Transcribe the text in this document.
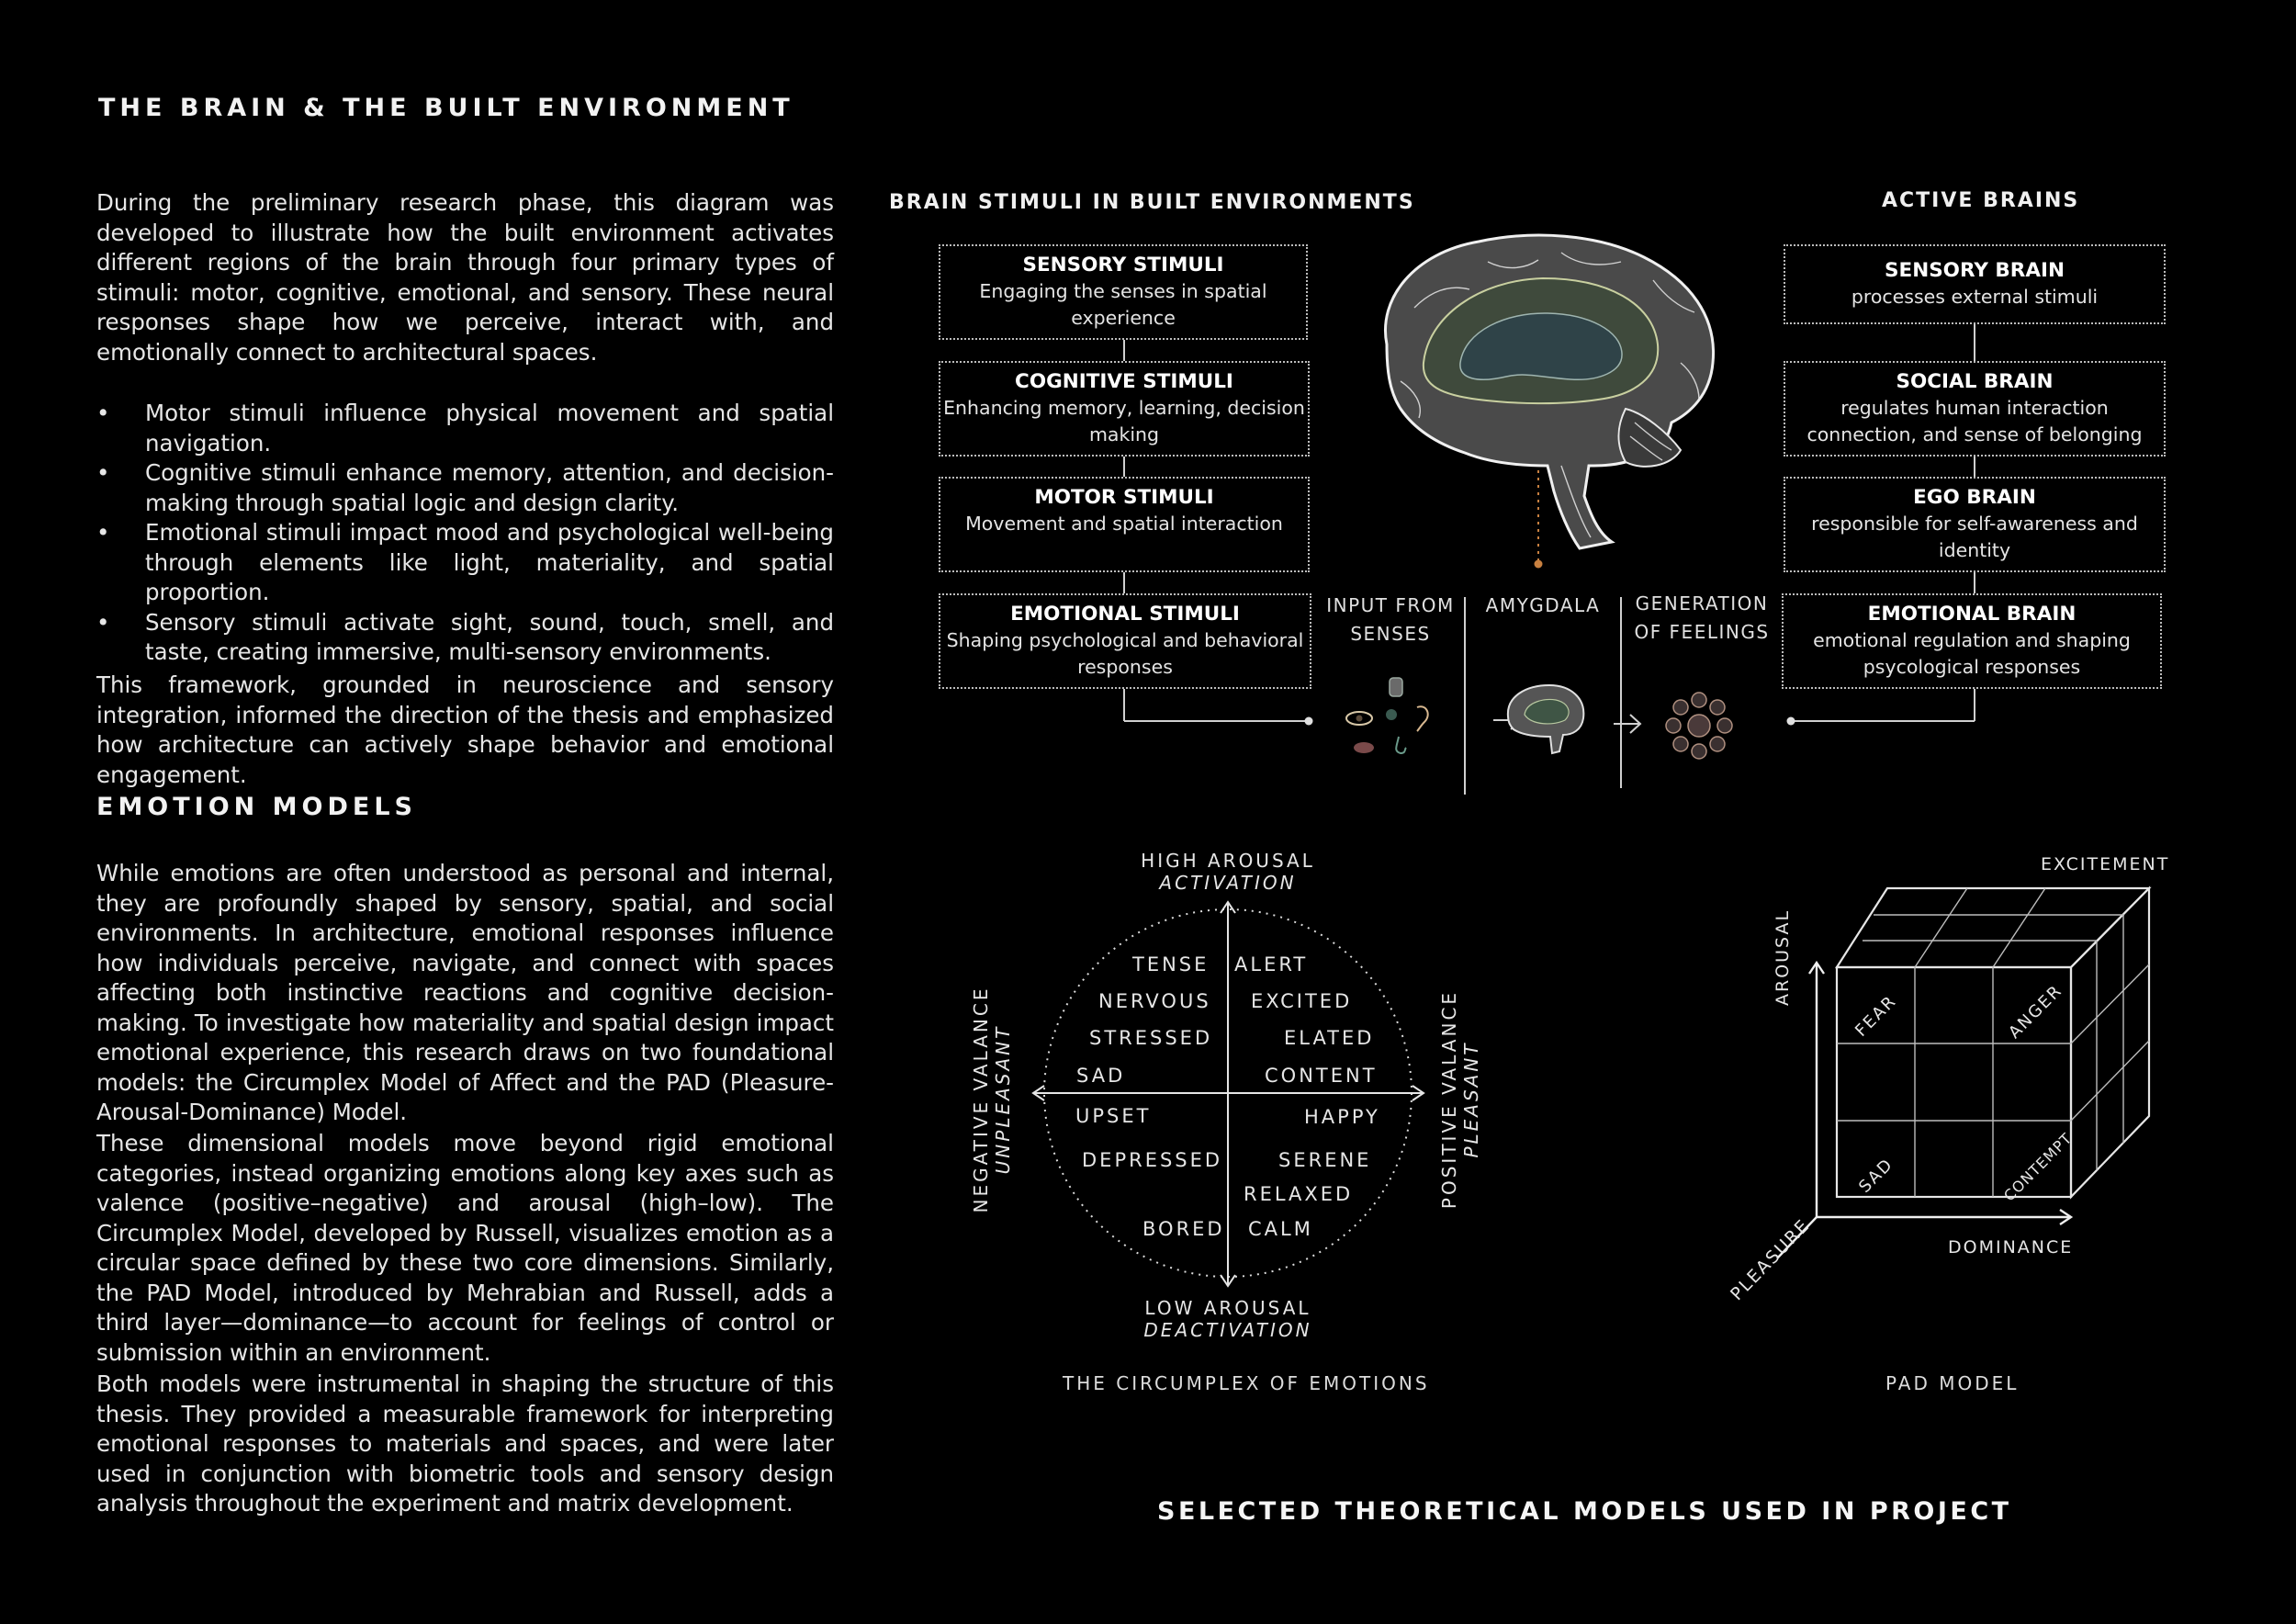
THE BRAIN & THE BUILT ENVIRONMENT
During the preliminary research phase, this diagram was developed to illustrate how the built environment activates different regions of the brain through four primary types of stimuli: motor, cognitive, emotional, and sensory. These neural responses shape how we perceive, interact with, and emotionally connect to architectural spaces.
• Motor stimuli influence physical movement and spatial navigation.
• Cognitive stimuli enhance memory, attention, and decision-making through spatial logic and design clarity.
• Emotional stimuli impact mood and psychological well-being through elements like light, materiality, and spatial proportion.
• Sensory stimuli activate sight, sound, touch, smell, and taste, creating immersive, multi-sensory environments.
This framework, grounded in neuroscience and sensory integration, informed the direction of the thesis and emphasized how architecture can actively shape behavior and emotional engagement.
EMOTION MODELS
While emotions are often understood as personal and internal, they are profoundly shaped by sensory, spatial, and social environments. In architecture, emotional responses influence how individuals perceive, navigate, and connect with spaces affecting both instinctive reactions and cognitive decision-making. To investigate how materiality and spatial design impact emotional experience, this research draws on two foundational models: the Circumplex Model of Affect and the PAD (Pleasure-Arousal-Dominance) Model.
These dimensional models move beyond rigid emotional categories, instead organizing emotions along key axes such as valence (positive–negative) and arousal (high–low). The Circumplex Model, developed by Russell, visualizes emotion as a circular space defined by these two core dimensions. Similarly, the PAD Model, introduced by Mehrabian and Russell, adds a third layer—dominance—to account for feelings of control or submission within an environment.
Both models were instrumental in shaping the structure of this thesis. They provided a measurable framework for interpreting emotional responses to materials and spaces, and were later used in conjunction with biometric tools and sensory design analysis throughout the experiment and matrix development.
BRAIN STIMULI IN BUILT ENVIRONMENTS	ACTIVE BRAINS
SENSORY STIMULI
Engaging the senses in spatial experience
COGNITIVE STIMULI
Enhancing memory, learning, decision making
MOTOR STIMULI
Movement and spatial interaction
EMOTIONAL STIMULI
Shaping psychological and behavioral responses
SENSORY BRAIN
processes external stimuli
SOCIAL BRAIN
regulates human interaction connection, and sense of belonging
EGO BRAIN
responsible for self-awareness and identity
EMOTIONAL BRAIN
emotional regulation and shaping psycological responses
INPUT FROM SENSES
AMYGDALA	GENERATION OF FEELINGS
HIGH AROUSAL
ACTIVATION
LOW AROUSAL
DEACTIVATION
NEGATIVE VALANCE UNPLEASANT	POSITIVE VALANCE PLEASANT
TENSE ALERT
NERVOUS EXCITED
STRESSED	ELATED
SAD	CONTENT
UPSET	HAPPY
DEPRESSED	SERENE
RELAXED
BORED CALM
THE CIRCUMPLEX OF EMOTIONS
EXCITEMENT
AROUSAL
PLEASURE	DOMINANCE
FEAR	ANGER
SAD	CONTEMPT
PAD MODEL
SELECTED THEORETICAL MODELS USED IN PROJECT
